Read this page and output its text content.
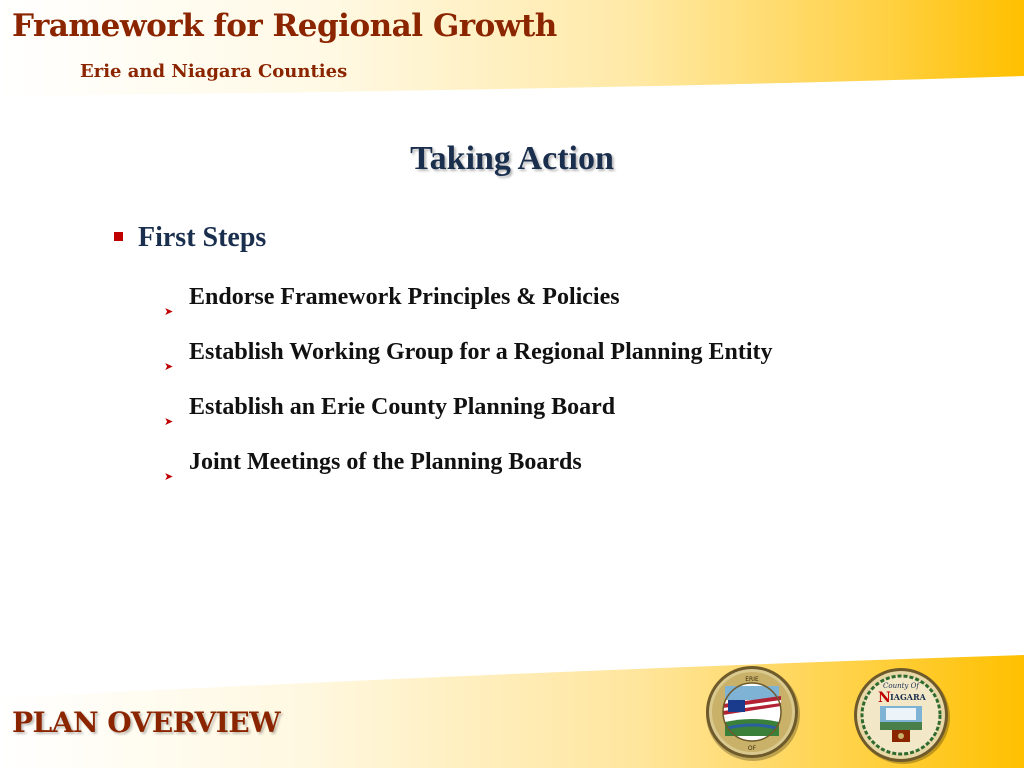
Framework for Regional Growth
Erie and Niagara Counties
Taking Action
First Steps
➤
Endorse Framework Principles & Policies
➤
Establish Working Group for a Regional Planning Entity
➤
Establish an Erie County Planning Board
➤
Joint Meetings of the Planning Boards
PLAN OVERVIEW
ERIE
OF
County Of
N IAGARA
